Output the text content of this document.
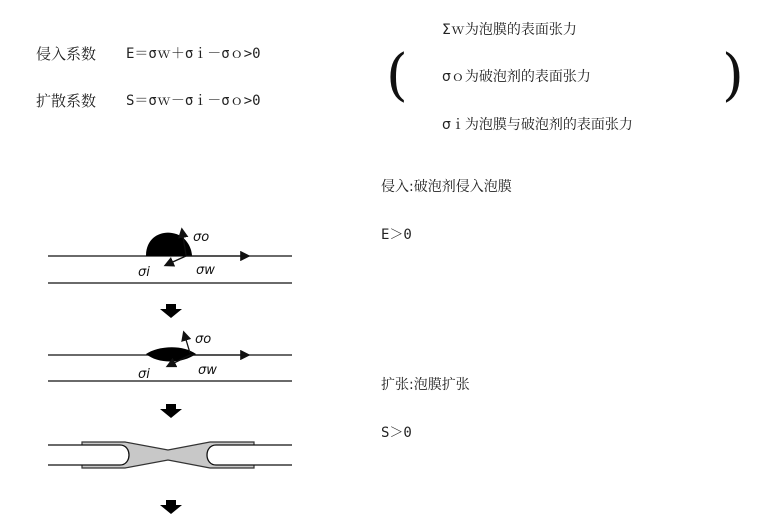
侵入系数 E＝σｗ＋σｉ－σｏ>0
扩散系数 S＝σｗ－σｉ－σｏ>0 (	)
Σｗ为泡膜的表面张力
σｏ为破泡剂的表面张力
σｉ为泡膜与破泡剂的表面张力
侵入:破泡剂侵入泡膜
E＞0
扩张:泡膜扩张
S＞0
σo
σi	σw
σo
σi	σw
